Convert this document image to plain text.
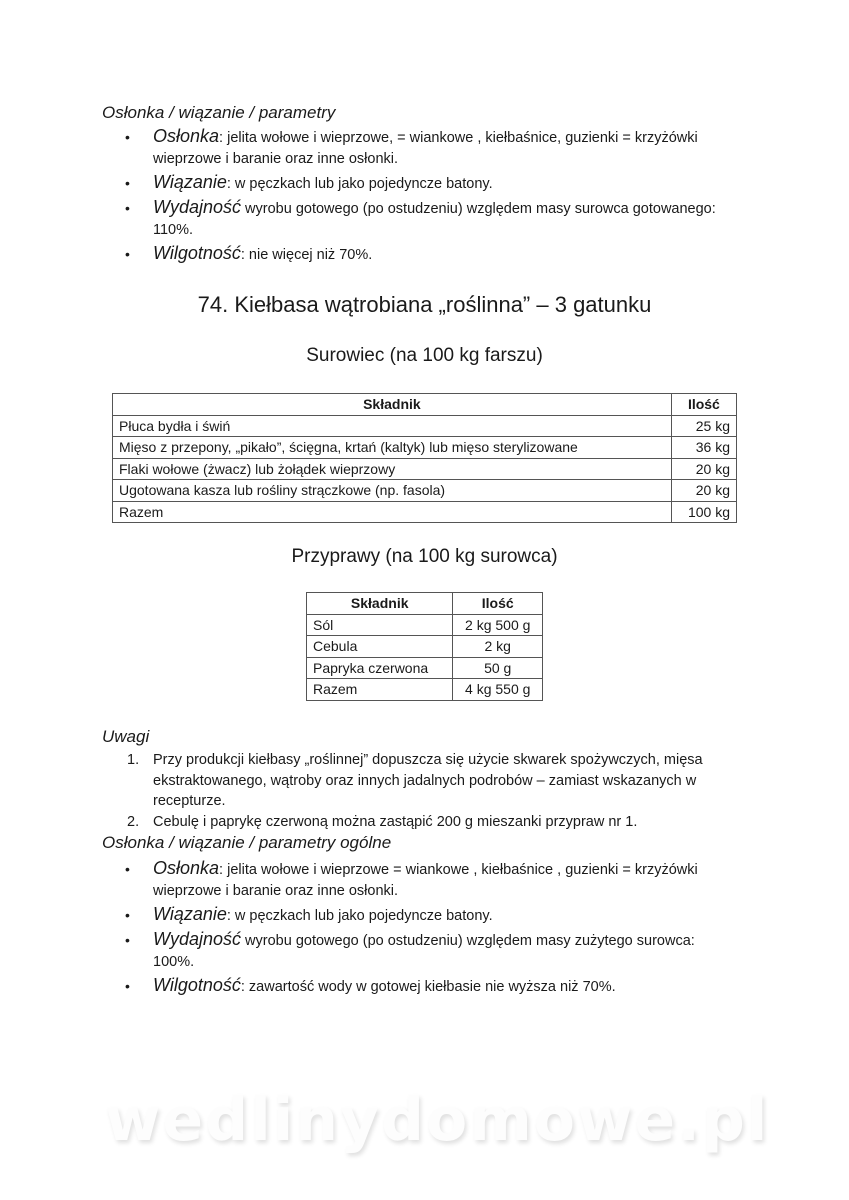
Osłonka / wiązanie / parametry
• Osłonka: jelita wołowe i wieprzowe, = wiankowe , kiełbaśnice, guzienki = krzyżówki wieprzowe i baranie oraz inne osłonki.
• Wiązanie: w pęczkach lub jako pojedyncze batony.
• Wydajność wyrobu gotowego (po ostudzeniu) względem masy surowca gotowanego: 110%.
• Wilgotność: nie więcej niż 70%.
74. Kiełbasa wątrobiana „roślinna” – 3 gatunku
Surowiec (na 100 kg farszu)
Składnik	Ilość
Płuca bydła i świń	25 kg
Mięso z przepony, „pikało”, ścięgna, krtań (kaltyk) lub mięso sterylizowane	36 kg
Flaki wołowe (żwacz) lub żołądek wieprzowy	20 kg
Ugotowana kasza lub rośliny strączkowe (np. fasola)	20 kg
Razem	100 kg
Przyprawy (na 100 kg surowca)
Składnik	Ilość
Sól	2 kg 500 g
Cebula	2 kg
Papryka czerwona	50 g
Razem	4 kg 550 g
Uwagi
1. Przy produkcji kiełbasy „roślinnej” dopuszcza się użycie skwarek spożywczych, mięsa ekstraktowanego, wątroby oraz innych jadalnych podrobów – zamiast wskazanych w recepturze.
2. Cebulę i paprykę czerwoną można zastąpić 200 g mieszanki przypraw nr 1.
Osłonka / wiązanie / parametry ogólne
• Osłonka: jelita wołowe i wieprzowe = wiankowe , kiełbaśnice , guzienki = krzyżówki wieprzowe i baranie oraz inne osłonki.
• Wiązanie: w pęczkach lub jako pojedyncze batony.
• Wydajność wyrobu gotowego (po ostudzeniu) względem masy zużytego surowca: 100%.
• Wilgotność: zawartość wody w gotowej kiełbasie nie wyższa niż 70%.
wedlinydomowe.pl
